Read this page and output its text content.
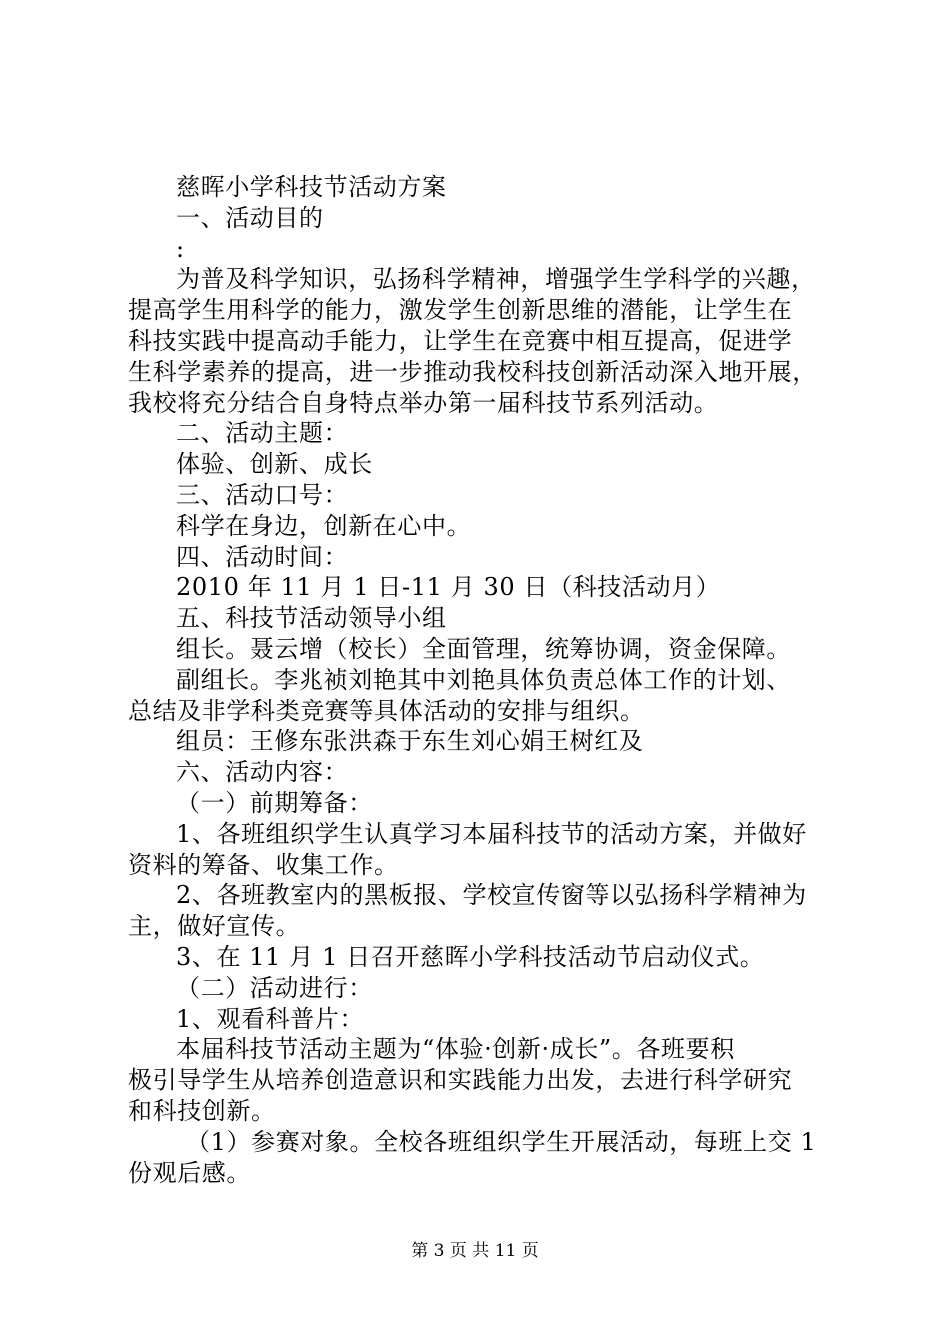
慈晖小学科技节活动方案
一、活动目的
:
为普及科学知识，弘扬科学精神，增强学生学科学的兴趣，
提高学生用科学的能力，激发学生创新思维的潜能，让学生在
科技实践中提高动手能力，让学生在竞赛中相互提高，促进学
生科学素养的提高，进一步推动我校科技创新活动深入地开展，
我校将充分结合自身特点举办第一届科技节系列活动。
二、活动主题：
体验、创新、成长
三、活动口号：
科学在身边，创新在心中。
四、活动时间：
2010 年 11 月 1 日-11 月 30 日（科技活动月）
五、科技节活动领导小组
组长。聂云增（校长）全面管理，统筹协调，资金保障。
副组长。李兆祯刘艳其中刘艳具体负责总体工作的计划、
总结及非学科类竞赛等具体活动的安排与组织。
组员：王修东张洪森于东生刘心娟王树红及
六、活动内容：
（一）前期筹备：
1、各班组织学生认真学习本届科技节的活动方案，并做好
资料的筹备、收集工作。
2、各班教室内的黑板报、学校宣传窗等以弘扬科学精神为
主，做好宣传。
3、在 11 月 1 日召开慈晖小学科技活动节启动仪式。
（二）活动进行：
1、观看科普片：
本届科技节活动主题为“体验·创新·成长”。各班要积
极引导学生从培养创造意识和实践能力出发，去进行科学研究
和科技创新。
（1）参赛对象。全校各班组织学生开展活动，每班上交 1
份观后感。
第 3 页 共 11 页
